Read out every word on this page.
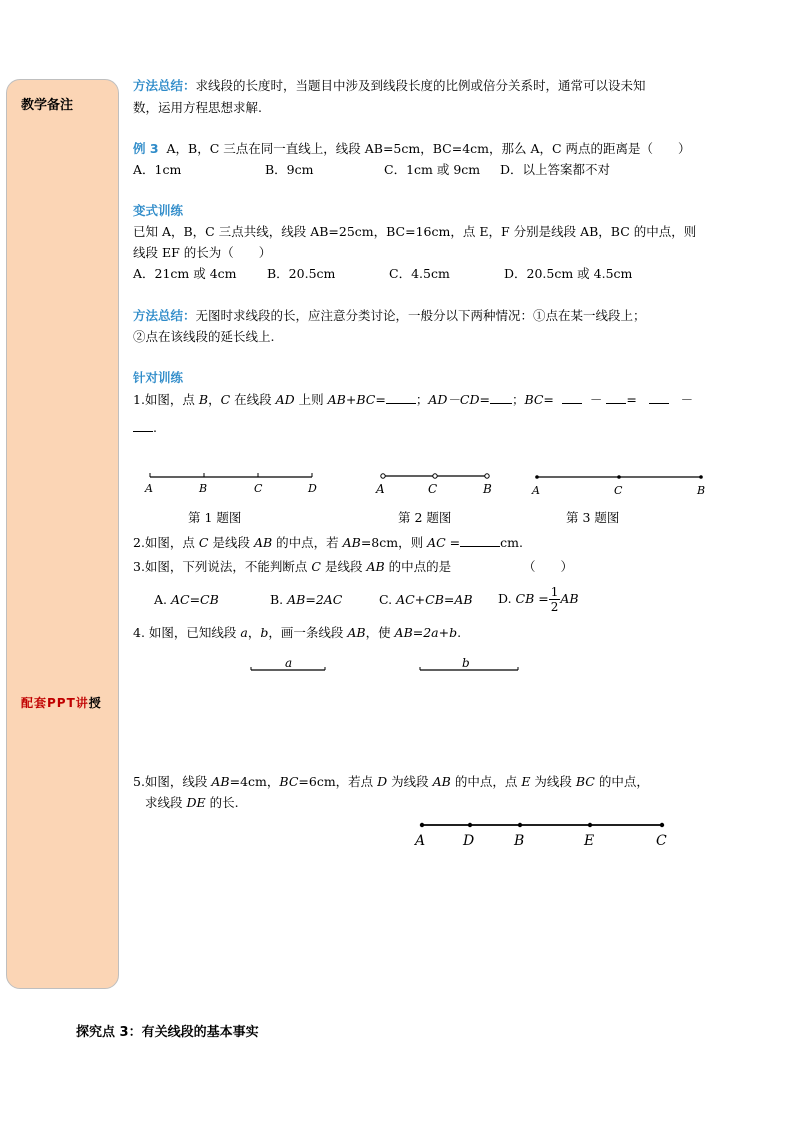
教学备注
配套PPT讲授
方法总结：求线段的长度时，当题目中涉及到线段长度的比例或倍分关系时，通常可以设未知
数，运用方程思想求解.
例 3 A，B，C 三点在同一直线上，线段 AB=5cm，BC=4cm，那么 A，C 两点的距离是（　　）
A．1cm	B．9cm	C．1cm 或 9cm D．以上答案都不对
变式训练
已知 A，B，C 三点共线，线段 AB=25cm，BC=16cm，点 E，F 分别是线段 AB，BC 的中点，则
线段 EF 的长为（　　）
A．21cm 或 4cm B．20.5cm	C．4.5cm	D．20.5cm 或 4.5cm
方法总结：无图时求线段的长，应注意分类讨论，一般分以下两种情况：①点在某一线段上；
②点在该线段的延长线上.
针对训练
1.如图，点 B，C 在线段 AD 上则 AB+BC= ；AD－CD= ；BC=	－ =	－
.
A	B	C	D	A	C	B	A	C	B
第 1 题图	第 2 题图	第 3 题图
2.如图，点 C 是线段 AB 的中点，若 AB=8cm，则 AC =	cm.
3.如图，下列说法，不能判断点 C 是线段 AB 的中点的是	（　　）
A. AC=CB	B. AB=2AC	C. AC+CB=AB D. CB = $\frac{1}{2}$ AB
4. 如图，已知线段 a，b，画一条线段 AB，使 AB=2a+b.
a	b
5.如图，线段 AB=4cm，BC=6cm，若点 D 为线段 AB 的中点，点 E 为线段 BC 的中点，
求线段 DE 的长.
A	D	B	E	C
探究点 3：有关线段的基本事实
